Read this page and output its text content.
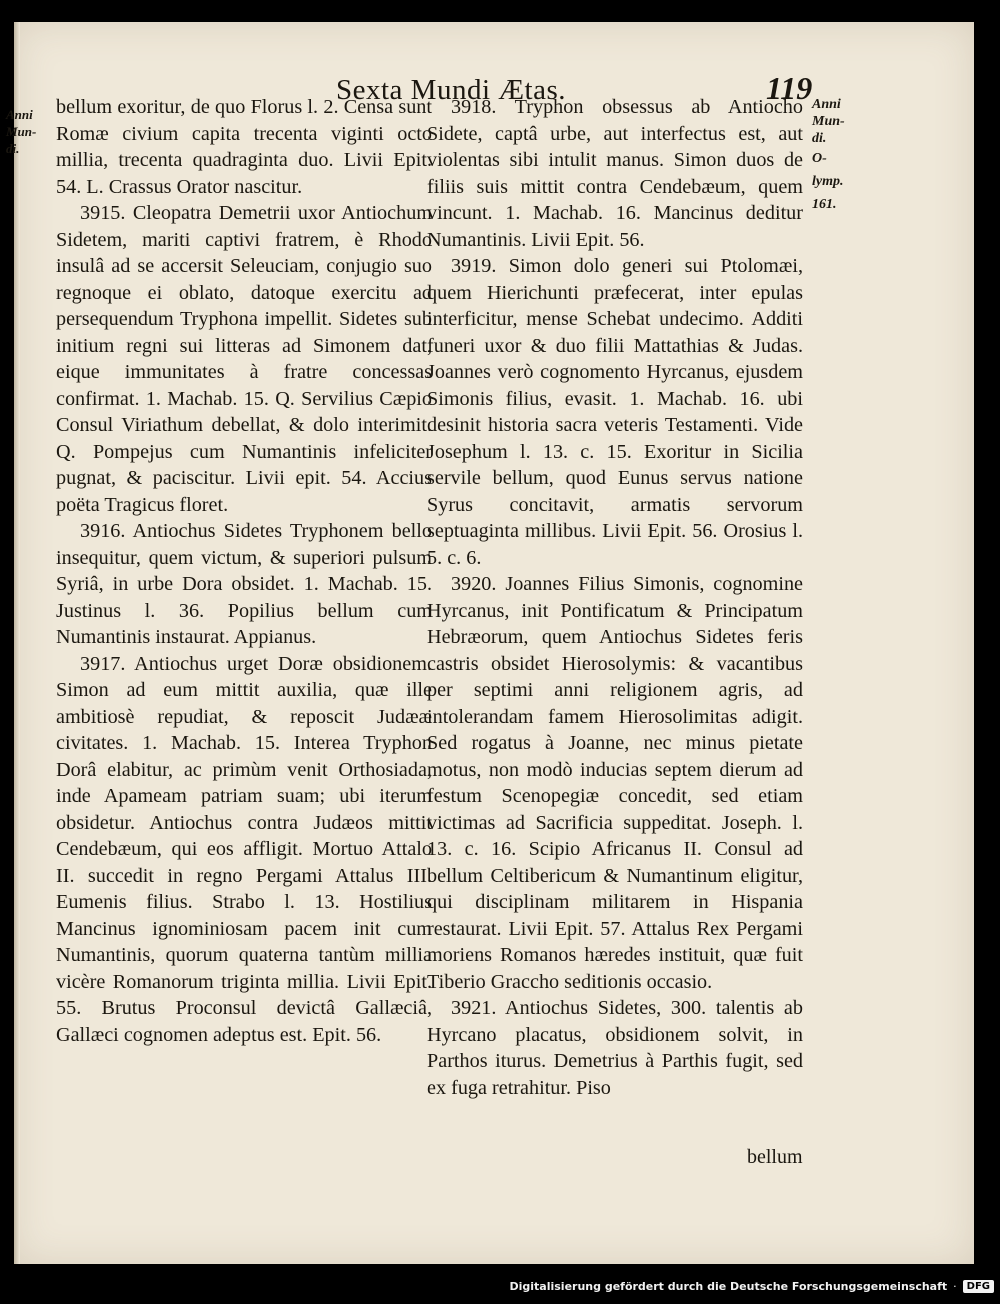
Sexta Mundi Ætas.	119
Anni
Mun-
di.
Anni
Mun-
di.
O-
lymp.
161.

bellum exoritur, de quo Florus l. 2. Censa sunt Romæ civium capita trecenta viginti octo millia, trecenta quadraginta duo. Livii Epit. 54. L. Crassus Orator nascitur.

3915. Cleopatra Demetrii uxor Antiochum Sidetem, mariti captivi fratrem, è Rhodo insulâ ad se accersit Seleuciam, conjugio suo regnoque ei oblato, datoque exercitu ad persequendum Tryphona impellit. Sidetes sub initium regni sui litteras ad Simonem dat, eique immunitates à fratre concessas confirmat. 1. Machab. 15. Q. Servilius Cæpio Consul Viriathum debellat, & dolo interimit. Q. Pompejus cum Numantinis infeliciter pugnat, & paciscitur. Livii epit. 54. Accius poëta Tragicus floret.

3916. Antiochus Sidetes Tryphonem bello insequitur, quem victum, & superiori pulsum Syriâ, in urbe Dora obsidet. 1. Machab. 15. Justinus l. 36. Popilius bellum cum Numantinis instaurat. Appianus.

3917. Antiochus urget Doræ obsidionem. Simon ad eum mittit auxilia, quæ ille ambitiosè repudiat, & reposcit Judææ civitates. 1. Machab. 15. Interea Tryphon Dorâ elabitur, ac primùm venit Orthosiada, inde Apameam patriam suam; ubi iterum obsidetur. Antiochus contra Judæos mittit Cendebæum, qui eos affligit. Mortuo Attalo II. succedit in regno Pergami Attalus III. Eumenis filius. Strabo l. 13. Hostilius Mancinus ignominiosam pacem init cum Numantinis, quorum quaterna tantùm millia vicère Romanorum triginta millia. Livii Epit. 55. Brutus Proconsul devictâ Gallæciâ, Gallæci cognomen adeptus est. Epit. 56.

3918. Tryphon obsessus ab Antiocho Sidete, captâ urbe, aut interfectus est, aut violentas sibi intulit manus. Simon duos de filiis suis mittit contra Cendebæum, quem vincunt. 1. Machab. 16. Mancinus deditur Numantinis. Livii Epit. 56.

3919. Simon dolo generi sui Ptolomæi, quem Hierichunti præfecerat, inter epulas interficitur, mense Schebat undecimo. Additi funeri uxor & duo filii Mattathias & Judas. Joannes verò cognomento Hyrcanus, ejusdem Simonis filius, evasit. 1. Machab. 16. ubi desinit historia sacra veteris Testamenti. Vide Josephum l. 13. c. 15. Exoritur in Sicilia servile bellum, quod Eunus servus natione Syrus concitavit, armatis servorum septuaginta millibus. Livii Epit. 56. Orosius l. 5. c. 6.

3920. Joannes Filius Simonis, cognomine Hyrcanus, init Pontificatum & Principatum Hebræorum, quem Antiochus Sidetes feris castris obsidet Hierosolymis: & vacantibus per septimi anni religionem agris, ad intolerandam famem Hierosolimitas adigit. Sed rogatus à Joanne, nec minus pietate motus, non modò inducias septem dierum ad festum Scenopegiæ concedit, sed etiam victimas ad Sacrificia suppeditat. Joseph. l. 13. c. 16. Scipio Africanus II. Consul ad bellum Celtibericum & Numantinum eligitur, qui disciplinam militarem in Hispania restaurat. Livii Epit. 57. Attalus Rex Pergami moriens Romanos hæredes instituit, quæ fuit Tiberio Graccho seditionis occasio.

3921. Antiochus Sidetes, 300. talentis ab Hyrcano placatus, obsidionem solvit, in Parthos iturus. Demetrius à Parthis fugit, sed ex fuga retrahitur. Piso

bellum
Digitalisierung gefördert durch die Deutsche Forschungsgemeinschaft ·	DFG
